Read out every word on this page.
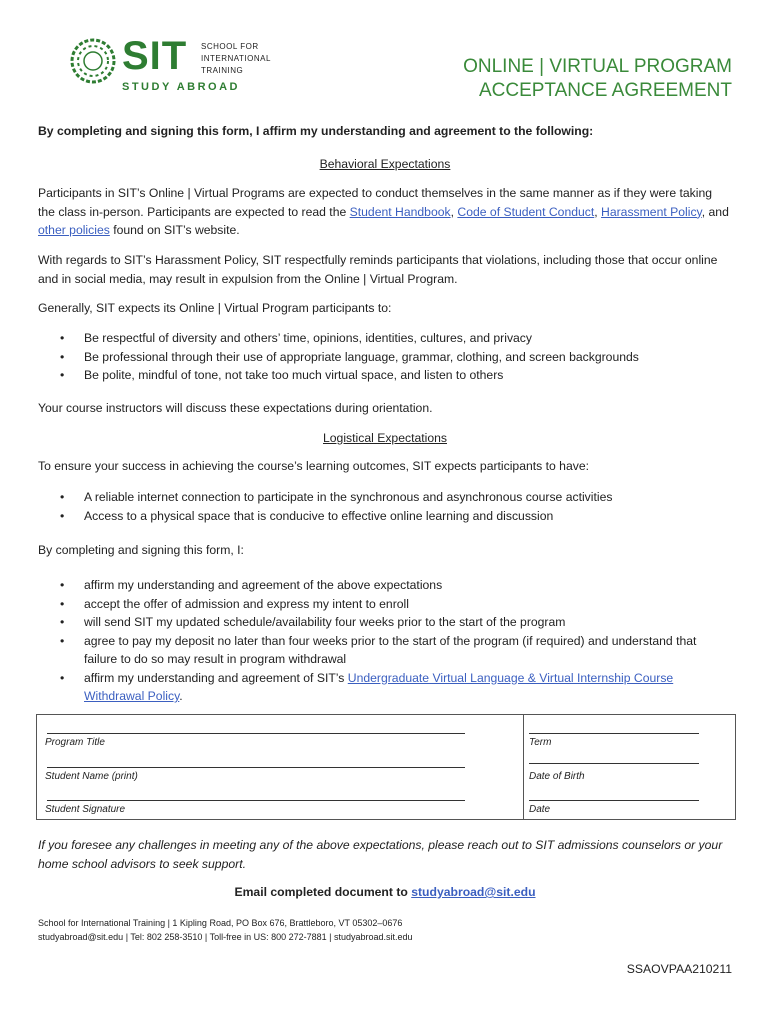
SIT SCHOOL FOR
INTERNATIONAL
TRAINING
STUDY ABROAD
ONLINE | VIRTUAL PROGRAM
ACCEPTANCE AGREEMENT
By completing and signing this form, I affirm my understanding and agreement to the following:
Behavioral Expectations
Participants in SIT’s Online | Virtual Programs are expected to conduct themselves in the same manner as if they were taking the class in-person. Participants are expected to read the Student Handbook, Code of Student Conduct, Harassment Policy, and other policies found on SIT’s website.
With regards to SIT’s Harassment Policy, SIT respectfully reminds participants that violations, including those that occur online and in social media, may result in expulsion from the Online | Virtual Program.
Generally, SIT expects its Online | Virtual Program participants to:
• Be respectful of diversity and others’ time, opinions, identities, cultures, and privacy
• Be professional through their use of appropriate language, grammar, clothing, and screen backgrounds
• Be polite, mindful of tone, not take too much virtual space, and listen to others
Your course instructors will discuss these expectations during orientation.
Logistical Expectations
To ensure your success in achieving the course’s learning outcomes, SIT expects participants to have:
• A reliable internet connection to participate in the synchronous and asynchronous course activities
• Access to a physical space that is conducive to effective online learning and discussion
By completing and signing this form, I:
• affirm my understanding and agreement of the above expectations
• accept the offer of admission and express my intent to enroll
• will send SIT my updated schedule/availability four weeks prior to the start of the program
• agree to pay my deposit no later than four weeks prior to the start of the program (if required) and understand that failure to do so may result in program withdrawal
• affirm my understanding and agreement of SIT’s Undergraduate Virtual Language & Virtual Internship Course Withdrawal Policy.
Program Title	Term
Student Name (print)	Date of Birth
Student Signature	Date
If you foresee any challenges in meeting any of the above expectations, please reach out to SIT admissions counselors or your home school advisors to seek support.
Email completed document to studyabroad@sit.edu
School for International Training | 1 Kipling Road, PO Box 676, Brattleboro, VT 05302–0676
studyabroad@sit.edu | Tel: 802 258-3510 | Toll-free in US: 800 272-7881 | studyabroad.sit.edu
SSAOVPAA210211
